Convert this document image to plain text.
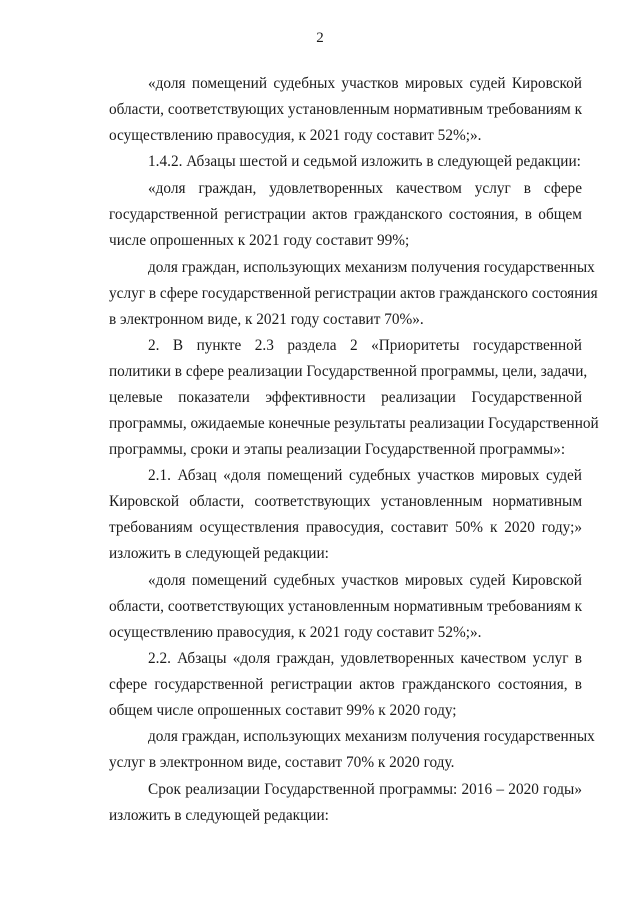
2
«доля помещений судебных участков мировых судей Кировской
области, соответствующих установленным нормативным требованиям к
осуществлению правосудия, к 2021 году составит 52%;».
1.4.2. Абзацы шестой и седьмой изложить в следующей редакции:
«доля граждан, удовлетворенных качеством услуг в сфере
государственной регистрации актов гражданского состояния, в общем
числе опрошенных к 2021 году составит 99%;
доля граждан, использующих механизм получения государственных
услуг в сфере государственной регистрации актов гражданского состояния
в электронном виде, к 2021 году составит 70%».
2. В пункте 2.3 раздела 2 «Приоритеты государственной
политики в сфере реализации Государственной программы, цели, задачи,
целевые показатели эффективности реализации Государственной
программы, ожидаемые конечные результаты реализации Государственной
программы, сроки и этапы реализации Государственной программы»:
2.1. Абзац «доля помещений судебных участков мировых судей
Кировской области, соответствующих установленным нормативным
требованиям осуществления правосудия, составит 50% к 2020 году;»
изложить в следующей редакции:
«доля помещений судебных участков мировых судей Кировской
области, соответствующих установленным нормативным требованиям к
осуществлению правосудия, к 2021 году составит 52%;».
2.2. Абзацы «доля граждан, удовлетворенных качеством услуг в
сфере государственной регистрации актов гражданского состояния, в
общем числе опрошенных составит 99% к 2020 году;
доля граждан, использующих механизм получения государственных
услуг в электронном виде, составит 70% к 2020 году.
Срок реализации Государственной программы: 2016 – 2020 годы»
изложить в следующей редакции:
